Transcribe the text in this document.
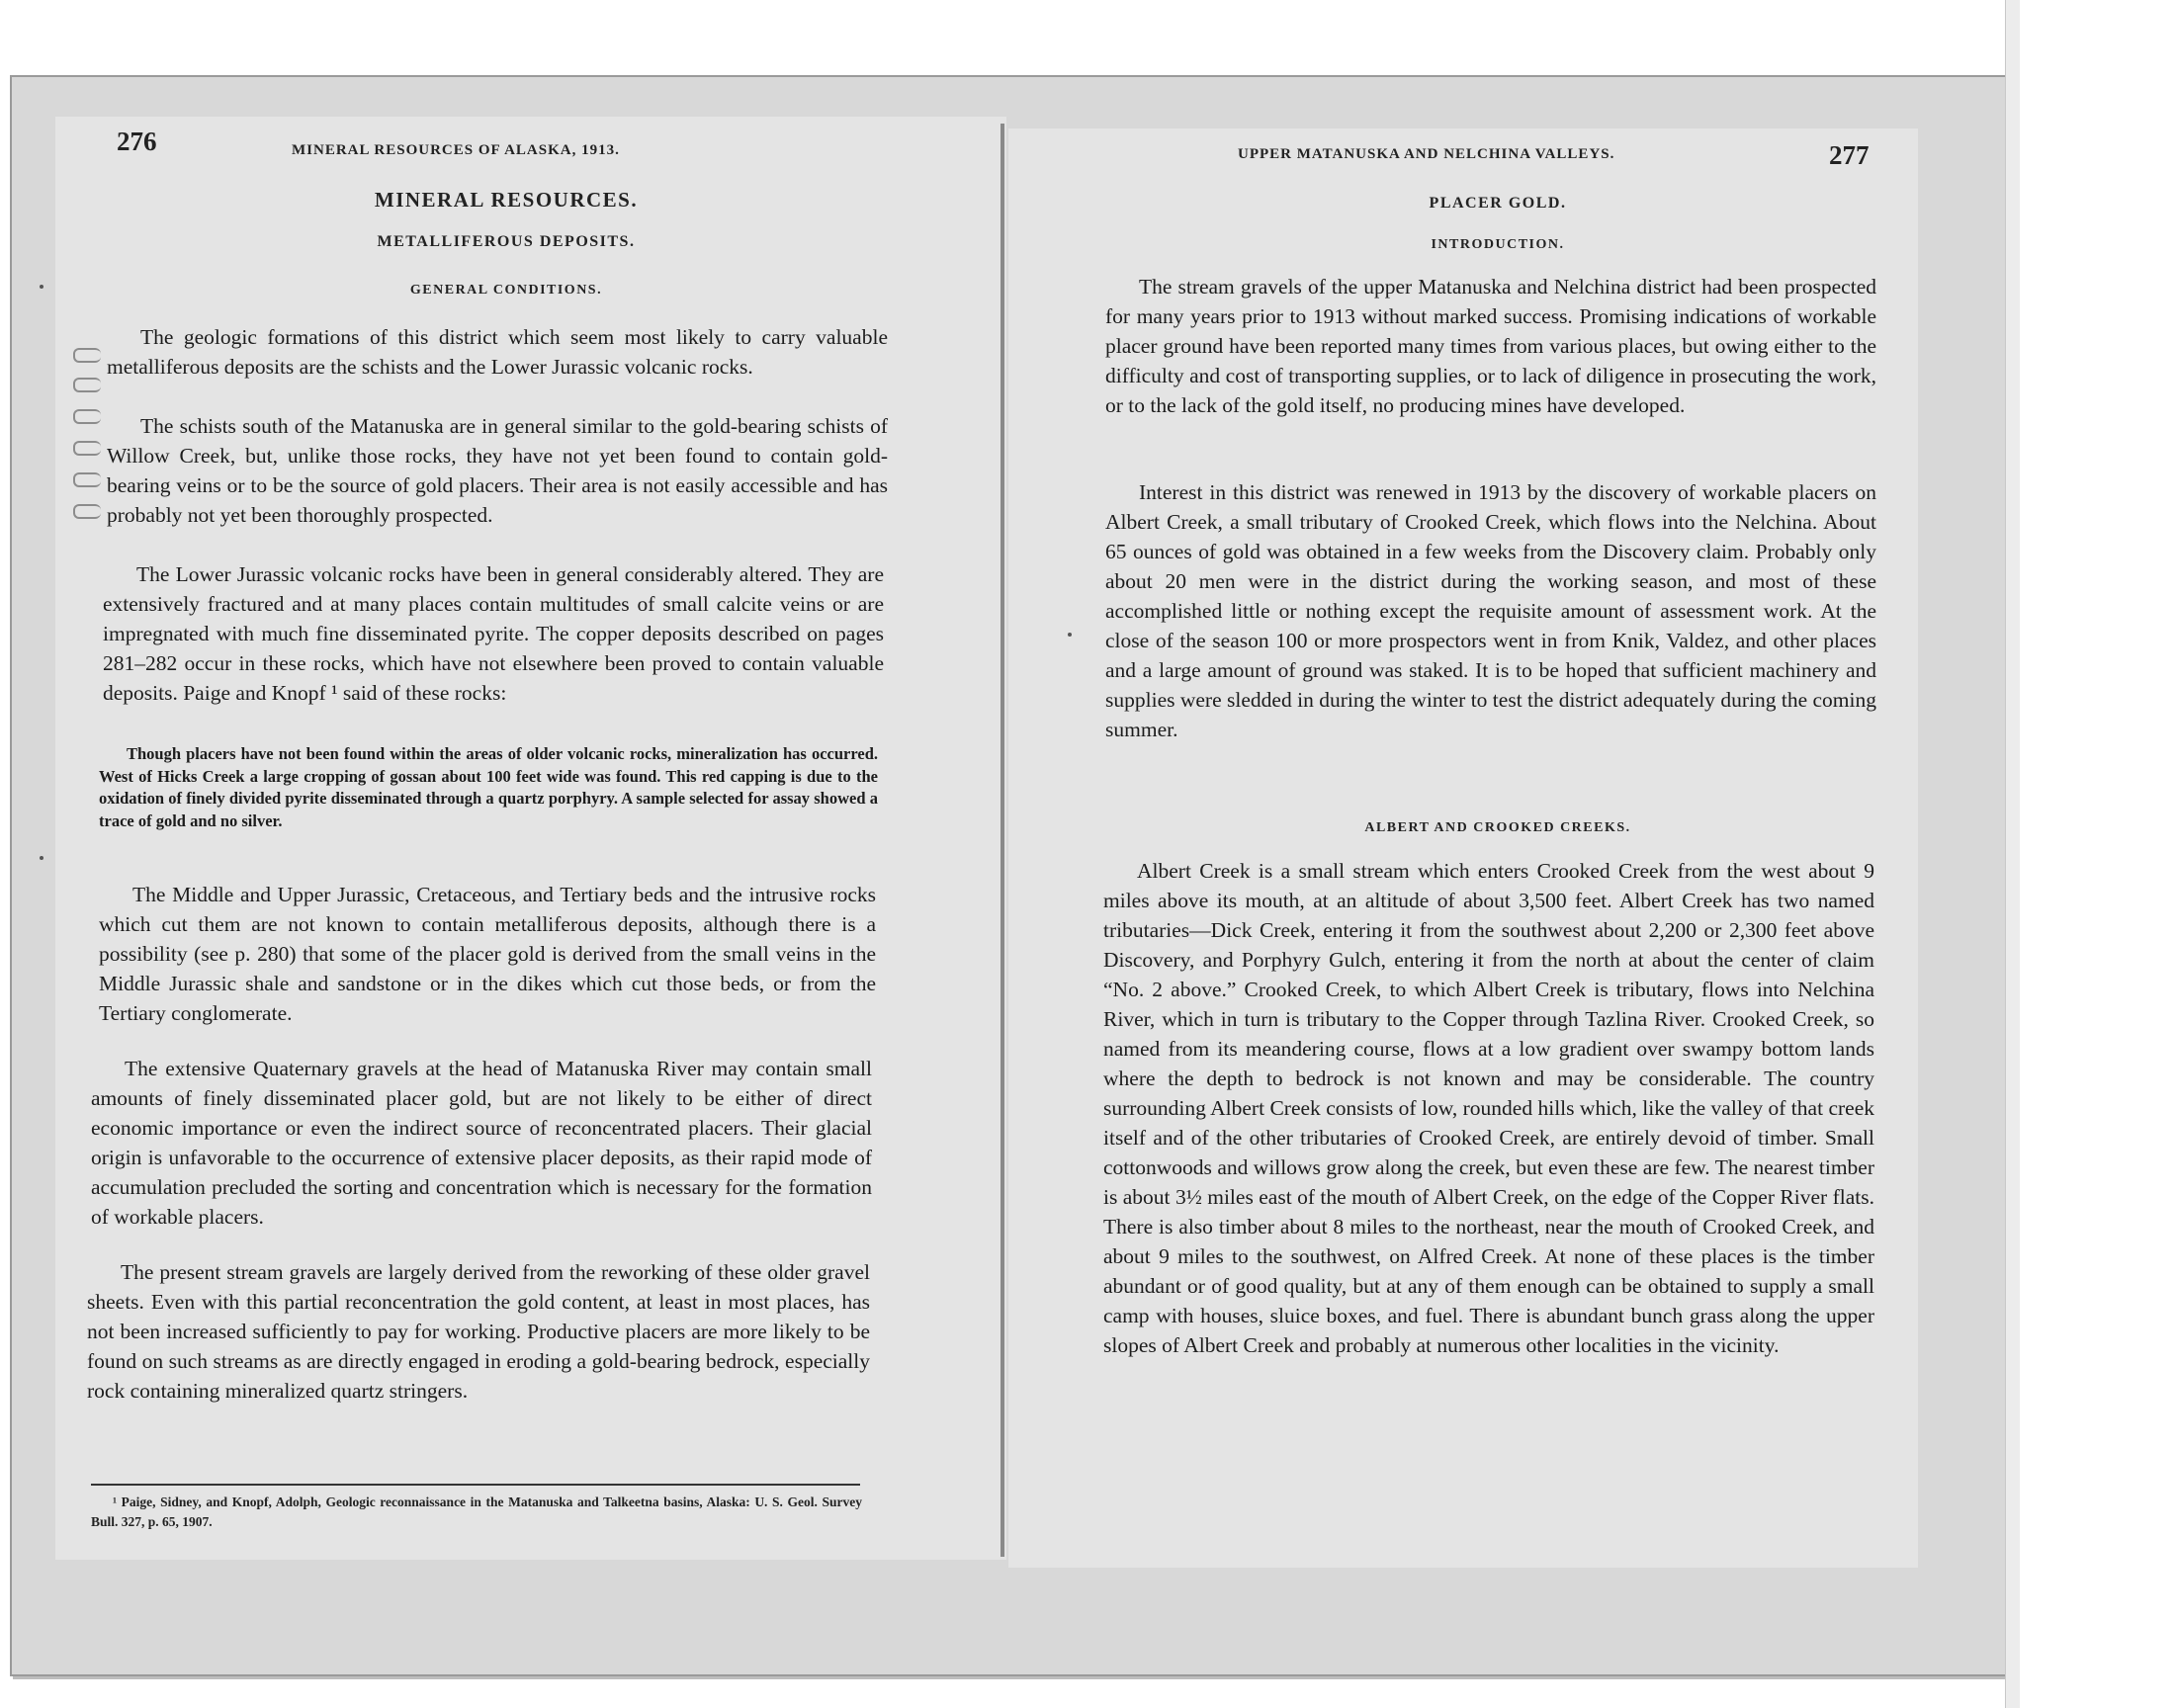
276	MINERAL RESOURCES OF ALASKA, 1913.
MINERAL RESOURCES.
METALLIFEROUS DEPOSITS.
GENERAL CONDITIONS.

The geologic formations of this district which seem most likely to carry valuable metalliferous deposits are the schists and the Lower Jurassic volcanic rocks.

The schists south of the Matanuska are in general similar to the gold-bearing schists of Willow Creek, but, unlike those rocks, they have not yet been found to contain gold-bearing veins or to be the source of gold placers. Their area is not easily accessible and has probably not yet been thoroughly prospected.

The Lower Jurassic volcanic rocks have been in general considerably altered. They are extensively fractured and at many places contain multitudes of small calcite veins or are impregnated with much fine disseminated pyrite. The copper deposits described on pages 281–282 occur in these rocks, which have not elsewhere been proved to contain valuable deposits. Paige and Knopf ¹ said of these rocks:

Though placers have not been found within the areas of older volcanic rocks, mineralization has occurred. West of Hicks Creek a large cropping of gossan about 100 feet wide was found. This red capping is due to the oxidation of finely divided pyrite disseminated through a quartz porphyry. A sample selected for assay showed a trace of gold and no silver.

The Middle and Upper Jurassic, Cretaceous, and Tertiary beds and the intrusive rocks which cut them are not known to contain metalliferous deposits, although there is a possibility (see p. 280) that some of the placer gold is derived from the small veins in the Middle Jurassic shale and sandstone or in the dikes which cut those beds, or from the Tertiary conglomerate.

The extensive Quaternary gravels at the head of Matanuska River may contain small amounts of finely disseminated placer gold, but are not likely to be either of direct economic importance or even the indirect source of reconcentrated placers. Their glacial origin is unfavorable to the occurrence of extensive placer deposits, as their rapid mode of accumulation precluded the sorting and concentration which is necessary for the formation of workable placers.

The present stream gravels are largely derived from the reworking of these older gravel sheets. Even with this partial reconcentration the gold content, at least in most places, has not been increased sufficiently to pay for working. Productive placers are more likely to be found on such streams as are directly engaged in eroding a gold-bearing bedrock, especially rock containing mineralized quartz stringers.

¹ Paige, Sidney, and Knopf, Adolph, Geologic reconnaissance in the Matanuska and Talkeetna basins, Alaska: U. S. Geol. Survey Bull. 327, p. 65, 1907.

UPPER MATANUSKA AND NELCHINA VALLEYS.	277
PLACER GOLD.
INTRODUCTION.

The stream gravels of the upper Matanuska and Nelchina district had been prospected for many years prior to 1913 without marked success. Promising indications of workable placer ground have been reported many times from various places, but owing either to the difficulty and cost of transporting supplies, or to lack of diligence in prosecuting the work, or to the lack of the gold itself, no producing mines have developed.

Interest in this district was renewed in 1913 by the discovery of workable placers on Albert Creek, a small tributary of Crooked Creek, which flows into the Nelchina. About 65 ounces of gold was obtained in a few weeks from the Discovery claim. Probably only about 20 men were in the district during the working season, and most of these accomplished little or nothing except the requisite amount of assessment work. At the close of the season 100 or more prospectors went in from Knik, Valdez, and other places and a large amount of ground was staked. It is to be hoped that sufficient machinery and supplies were sledded in during the winter to test the district adequately during the coming summer.

ALBERT AND CROOKED CREEKS.

Albert Creek is a small stream which enters Crooked Creek from the west about 9 miles above its mouth, at an altitude of about 3,500 feet. Albert Creek has two named tributaries—Dick Creek, entering it from the southwest about 2,200 or 2,300 feet above Discovery, and Porphyry Gulch, entering it from the north at about the center of claim “No. 2 above.” Crooked Creek, to which Albert Creek is tributary, flows into Nelchina River, which in turn is tributary to the Copper through Tazlina River. Crooked Creek, so named from its meandering course, flows at a low gradient over swampy bottom lands where the depth to bedrock is not known and may be considerable. The country surrounding Albert Creek consists of low, rounded hills which, like the valley of that creek itself and of the other tributaries of Crooked Creek, are entirely devoid of timber. Small cottonwoods and willows grow along the creek, but even these are few. The nearest timber is about 3½ miles east of the mouth of Albert Creek, on the edge of the Copper River flats. There is also timber about 8 miles to the northeast, near the mouth of Crooked Creek, and about 9 miles to the southwest, on Alfred Creek. At none of these places is the timber abundant or of good quality, but at any of them enough can be obtained to supply a small camp with houses, sluice boxes, and fuel. There is abundant bunch grass along the upper slopes of Albert Creek and probably at numerous other localities in the vicinity.
